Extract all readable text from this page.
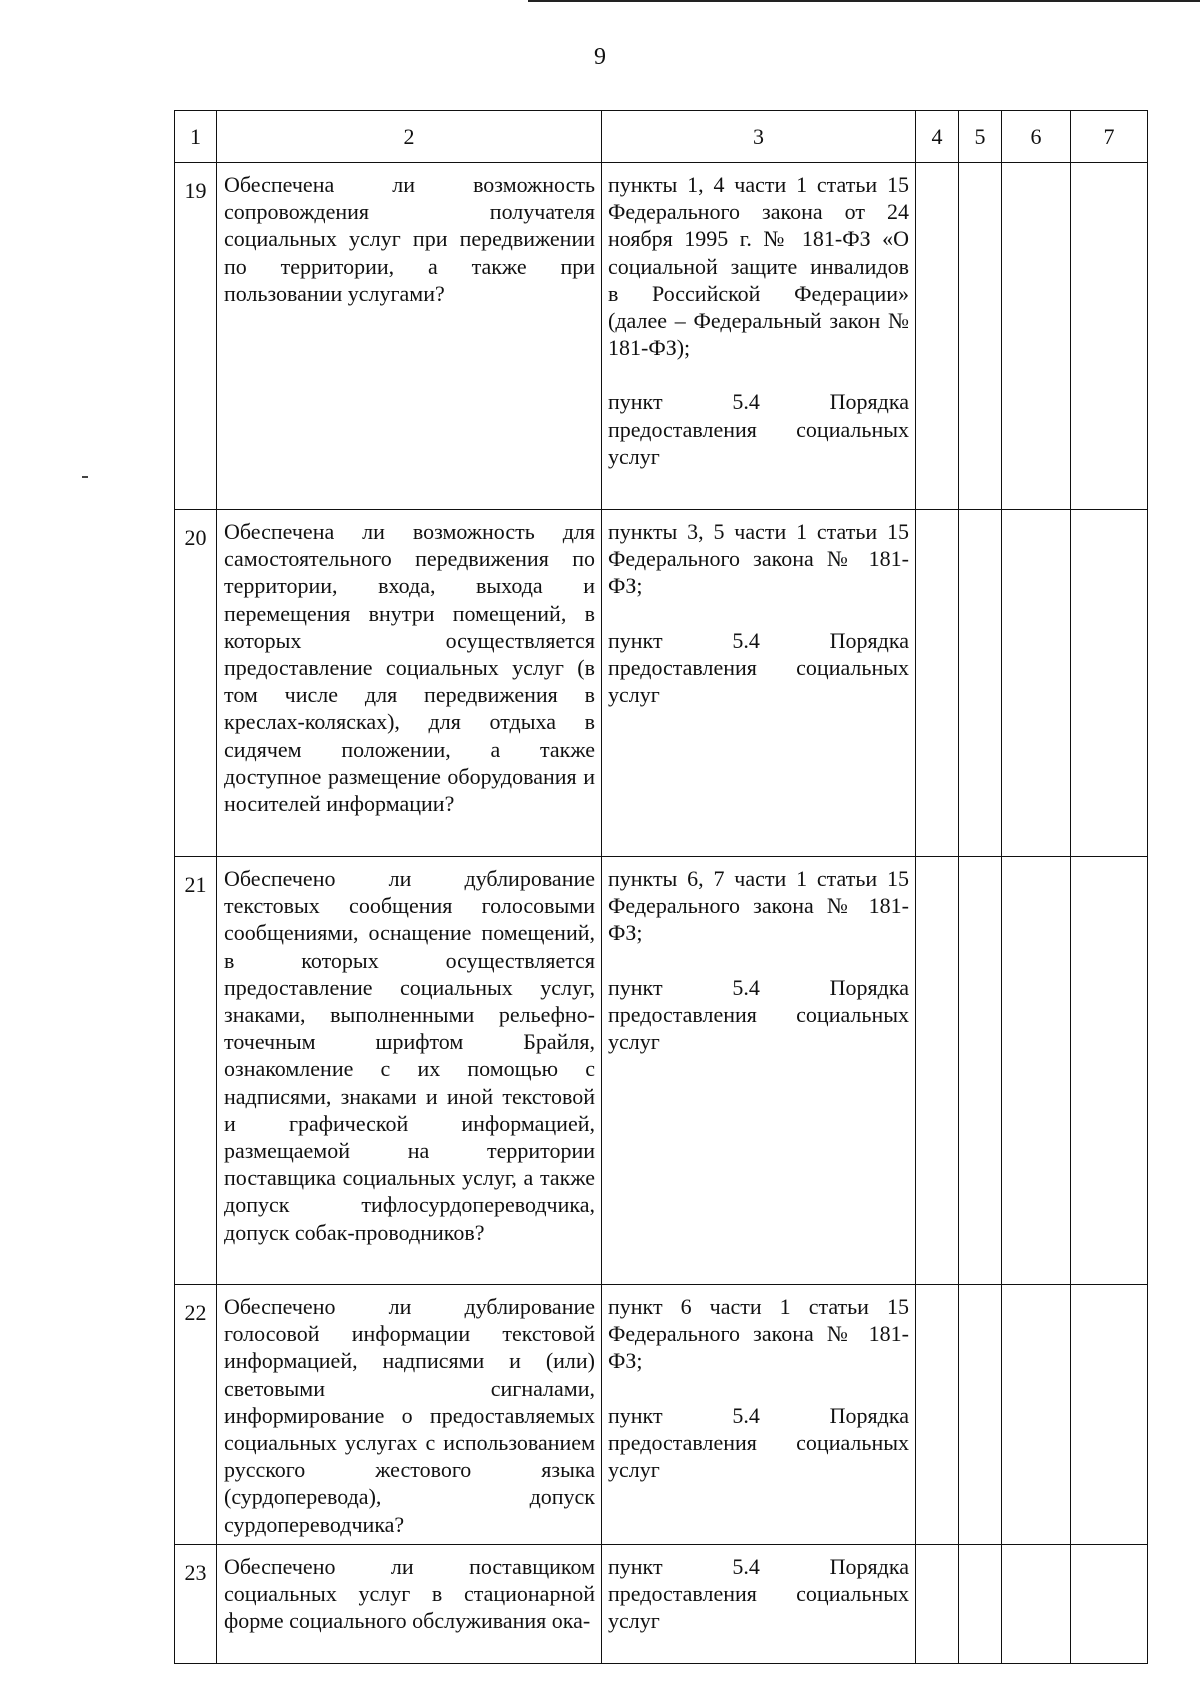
9
1	2	3	4	5	6	7
19	Обеспечена ли возможность сопровождения получателя социальных услуг при передвижении по территории, а также при пользовании услугами?	пункты 1, 4 части 1 статьи 15 Федерального закона от 24 ноября 1995 г. № 181-ФЗ «О социальной защите инвалидов в Российской Федерации» (далее – Федеральный закон № 181-ФЗ);

пункт 5.4 Порядка предоставления социальных услуг				

20	Обеспечена ли возможность для самостоятельного передвижения по территории, входа, выхода и перемещения внутри помещений, в которых осуществляется предоставление социальных услуг (в том числе для передвижения в креслах-колясках), для отдыха в сидячем положении, а также доступное размещение оборудования и носителей информации?	пункты 3, 5 части 1 статьи 15 Федерального закона № 181-ФЗ;

пункт 5.4 Порядка предоставления социальных услуг				

21	Обеспечено ли дублирование текстовых сообщения голосовыми сообщениями, оснащение помещений, в которых осуществляется предоставление социальных услуг, знаками, выполненными рельефно-точечным шрифтом Брайля, ознакомление с их помощью с надписями, знаками и иной текстовой и графической информацией, размещаемой на территории поставщика социальных услуг, а также допуск тифлосурдопереводчика, допуск собак-проводников?	пункты 6, 7 части 1 статьи 15 Федерального закона № 181-ФЗ;

пункт 5.4 Порядка предоставления социальных услуг				

22	Обеспечено ли дублирование голосовой информации текстовой информацией, надписями и (или) световыми сигналами, информирование о предоставляемых социальных услугах с использованием русского жестового языка (сурдоперевода), допуск сурдопереводчика?	пункт 6 части 1 статьи 15 Федерального закона № 181-ФЗ;

пункт 5.4 Порядка предоставления социальных услуг				

23	Обеспечено ли поставщиком социальных услуг в стационарной форме социального обслуживания ока-	пункт 5.4 Порядка предоставления социальных услуг				
